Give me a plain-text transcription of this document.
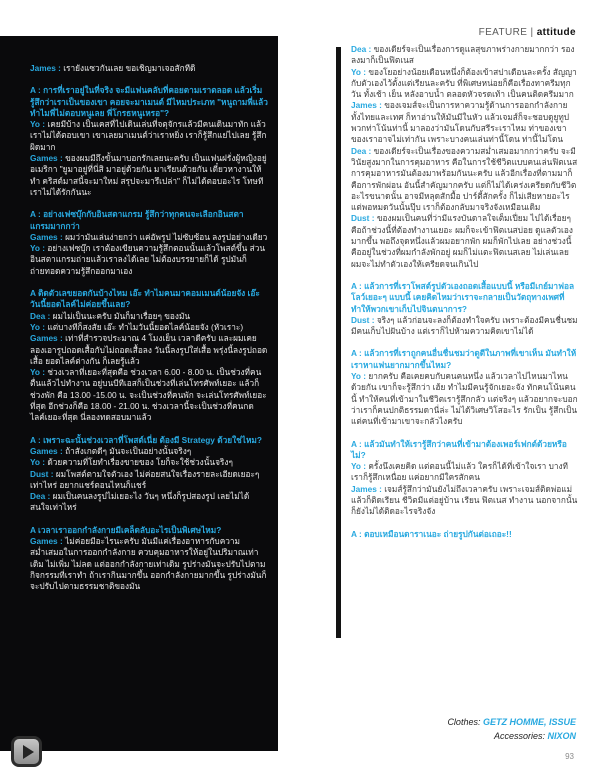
FEATURE | attitude
James : เรายังแซวกันเลย ขอเชิญมาเจอสักทีดิ
A : การที่เราอยู่ในที่จริง จะมีแฟนคลับที่คอยตามเราตลอด แล้วเริ่มรู้สึกว่าเราเป็นของเขา คอยจะมาเมนต์ มีไหมประเภท "หนูถามพี่แล้วทำไมพี่ไม่ตอบหนูเลย พี่โกรธหนูเหรอ"?
Yo : เคยมีบ้าง เป็นเคสที่ไปเดินเล่นที่จตุจักรแล้วมีคนเดินมาทัก แล้วเราไม่ได้ตอบเขา เขาเลยมาเมนต์ว่าเราหยิ่ง เราก็รู้สึกแย่ไปเลย รู้สึกผิดมาก
Games : ของผมมีถึงขั้นมาบอกรักเลยนะครับ เป็นแฟนฝรั่งผู้หญิงอยู่อเมริกา "ยูมาอยู่ที่นี่สิ มาอยู่ด้วยกัน มาเรียนด้วยกัน เดี๋ยวหางานให้ทำ คริสต์มาสนี้จะมาใหม่ สรุปจะมารึเปล่า" ก็ไม่ได้ตอบอะไร โทษทีเราไม่ได้รักกันนะ
A : อย่างเฟซบุ๊กกับอินสตาแกรม รู้สึกว่าทุกคนจะเลือกอินสตาแกรมมากกว่า
Games : ผมว่ามันเล่นง่ายกว่า แค่อัพรูป ไม่ซับซ้อน ลงรูปอย่างเดียว
Yo : อย่างเฟซบุ๊ก เราต้องเขียนความรู้สึกตอนนั้นแล้วโพสต์ขึ้น ส่วนอินสตาแกรมถ่ายแล้วเราลงได้เลย ไม่ต้องบรรยายก็ได้ รูปมันก็ถ่ายทอดความรู้สึกออกมาเอง
A ติดตัวเลขยอดกันบ้างไหม เอ๊ะ ทำไมคนมาคอมเมนต์น้อยจัง เอ๊ะ วันนี้ยอดไลค์ไม่ค่อยขึ้นเลย?
Dea : ผมไม่เป็นนะครับ มันก็มาเรื่อยๆ ของมัน
Yo : แต่บางทีก็สงสัย เอ๊ะ ทำไมวันนี้ยอดไลค์น้อยจัง (หัวเราะ)
Games : เท่าที่สำรวจประมาณ 4 โมงเย็น เวลาดีครับ และผมเคยลองเอารูปถอดเสื้อกับไม่ถอดเสื้อลง วันนี้ลงรูปใส่เสื้อ พรุ่งนี้ลงรูปถอดเสื้อ ยอดไลค์ต่างกัน ก็เลยรู้แล้ว
Yo : ช่วงเวลาที่เยอะที่สุดคือ ช่วงเวลา 6.00 - 8.00 น. เป็นช่วงที่คนตื่นแล้วไปทำงาน อยู่บนบีทีเอสก็เป็นช่วงที่เล่นโทรศัพท์เยอะ แล้วก็ช่วงพัก คือ 13.00 -15.00 น. จะเป็นช่วงที่คนพัก จะเล่นโทรศัพท์เยอะที่สุด อีกช่วงก็คือ 18.00 - 21.00 น. ช่วงเวลานี้จะเป็นช่วงที่คนกดไลค์เยอะที่สุด นี่ลองทดสอบมาแล้ว
A : เพราะฉะนั้นช่วงเวลาที่โพสต์เนี่ย ต้องมี Strategy ด้วยใช่ไหม?
Games : ถ้าสังเกตดีๆ มันจะเป็นอย่างนั้นจริงๆ
Yo : ด้วยความที่โยทำเรื่องขายของ โยก็จะใช้ช่วงนั้นจริงๆ
Dust : ผมโพสต์ตามใจตัวเอง ไม่ค่อยสนใจเรื่องรายละเอียดเยอะๆ เท่าไหร่ อยากแชร์ตอนไหนก็แชร์
Dea : ผมเป็นคนลงรูปไม่เยอะไง วันๆ หนึ่งก็รูปสองรูป เลยไม่ได้สนใจเท่าไหร่
A เวลาเราออกกำลังกายมีเคล็ดลับอะไรเป็นพิเศษไหม?
Games : ไม่ค่อยมีอะไรนะครับ มันมีแค่เรื่องอาหารกับความสม่ำเสมอในการออกกำลังกาย ควบคุมอาหารให้อยู่ในปริมาณเท่าเดิม ไม่เพิ่ม ไม่ลด แต่ออกกำลังกายเท่าเดิม รูปร่างมันจะปรับไปตามกิจกรรมที่เราทำ ถ้าเรากินมากขึ้น ออกกำลังกายมากขึ้น รูปร่างมันก็จะปรับไปตามธรรมชาติของมัน
Dea : ของเดียร์จะเป็นเรื่องการดูแลสุขภาพร่างกายมากกว่า รองลงมาก็เป็นฟิตเนส
Yo : ของโยอย่างน้อยเดือนหนึ่งก็ต้องเข้าสปาเดือนละครั้ง สัญญากับตัวเองไว้ตั้งแต่เรียนละครับ ที่พิเศษหน่อยก็คือเรื่องทาครีมทุกวัน ทั้งเช้า เย็น หลังอาบน้ำ ตลอดหัวจรดเท้า เป็นคนติดครีมมาก
James : ของเจมส์จะเป็นการหาความรู้ด้านการออกกำลังกาย ทั้งไทยและเทศ ก็หาอ่านให้มันมีในหัว แล้วเจมส์ก็จะชอบดูยูทูป พวกท่าโน้นท่านี้ มาลองว่ามันโดนกับสรีระเราไหม ท่าของเขาของเราอาจไม่เท่ากัน เพราะบางคนเล่นท่านี้โดน ท่านี้ไม่โดน
Dea : ของเดียร์จะเป็นเรื่องของความสม่ำเสมอมากกว่าครับ จะมีวินัยสูงมากในการคุมอาหาร คือในการใช้ชีวิตแบบคนเล่นฟิตเนส การคุมอาหารมันต้องมาพร้อมกันนะครับ แล้วอีกเรื่องที่ตามมาก็คือการพักผ่อน อันนี้สำคัญมากครับ แต่ก็ไม่ได้เคร่งเครียดกับชีวิตอะไรขนาดนั้น อาจมีหลุดสักมื้อ ปาร์ตี้สักครั้ง ก็ไม่เสียหายอะไร แต่พอหมดวันนั้นปุ๊บ เราก็ต้องกลับมาจริงจังเหมือนเดิม
Dust : ของผมเป็นคนที่ว่ามีแรงบันดาลใจเต็มเปี่ยม ไปได้เรื่อยๆ คือถ้าช่วงนี้ที่ต้องทำงานเยอะ ผมก็จะเข้าฟิตเนสบ่อย ดูแลตัวเองมากขึ้น พอถึงจุดหนึ่งแล้วผมอยากพัก ผมก็พักไปเลย อย่างช่วงนี้คืออยู่ในช่วงที่ผมกำลังพักอยู่ ผมก็ไม่แตะฟิตเนสเลย ไม่เล่นเลย ผมจะไม่ทำตัวเองให้เครียดจนเกินไป
A : แล้วการที่เราโพสต์รูปตัวเองถอดเสื้อแบบนี้ หรือมีเกย์มาฟอลโลว์เยอะๆ แบบนี้ เคยคิดไหมว่าเราจะกลายเป็นวัตถุทางเพศที่ทำให้พวกเขาเก็บไปจินตนาการ?
Dust : จริงๆ แล้วก่อนจะลงก็ต้องทำใจครับ เพราะต้องมีคนชื่นชม มีคนเก็บไปฝันบ้าง แต่เราก็ไปห้ามความคิดเขาไม่ได้
A : แล้วการที่เราถูกคนอื่นชื่นชมว่าดูดีในภาพที่เขาเห็น มันทำให้เราหาแฟนยากมากขึ้นไหม?
Yo : ยากครับ คือเคยคบกับคนคนหนึ่ง แล้วเวลาไปไหนมาไหนด้วยกัน เขาก็จะรู้สึกว่า เฮ้ย ทำไมมีคนรู้จักเยอะจัง ทักคนโน้นคนนี้ ทำให้คนที่เข้ามาในชีวิตเรารู้สึกกลัว แต่จริงๆ แล้วอยากจะบอกว่าเราก็คนปกติธรรมดานี่ล่ะ ไม่ได้วิเศษวิโสอะไร รักเป็น รู้สึกเป็น แต่คนที่เข้ามาเขาจะกลัวไงครับ
A : แล้วมันทำให้เรารู้สึกว่าคนที่เข้ามาต้องเพอร์เฟกต์ด้วยหรือไม่?
Yo : ครั้งนึงเคยคิด แต่ตอนนี้ไม่แล้ว ใครก็ได้ที่เข้าใจเรา บางทีเราก็รู้สึกเหนื่อย แค่อยากมีใครสักคน
James : เจมส์รู้สึกว่ามันยังไม่ถึงเวลาครับ เพราะเจมส์ติดพ่อแม่ แล้วก็ติดเรียน ชีวิตมีแต่อยู่บ้าน เรียน ฟิตเนส ทำงาน นอกจากนั้นก็ยังไม่ได้ติดอะไรจริงจัง
A : ตอบเหมือนดาราเนอะ ถ่ายรูปกันต่อเถอะ!!
Clothes: GETZ HOMME, ISSUE
Accessories: NIXON
93
